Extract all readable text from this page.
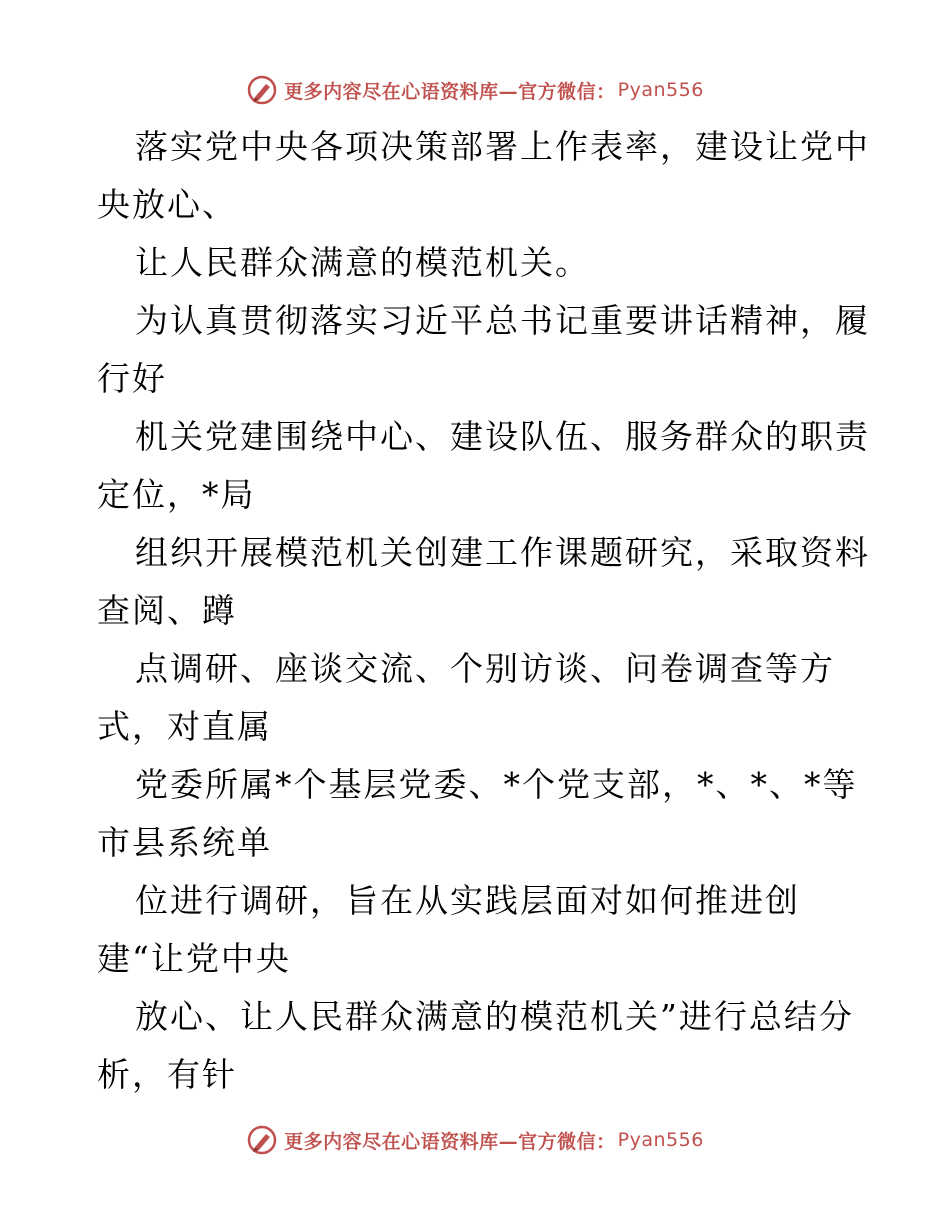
更多内容尽在心语资料库—官方微信： Pyan556
落实党中央各项决策部署上作表率，建设让党中
央放心、
让人民群众满意的模范机关。
为认真贯彻落实习近平总书记重要讲话精神，履
行好
机关党建围绕中心、建设队伍、服务群众的职责
定位，*局
组织开展模范机关创建工作课题研究，采取资料
查阅、蹲
点调研、座谈交流、个别访谈、问卷调查等方
式，对直属
党委所属*个基层党委、*个党支部，*、*、*等
市县系统单
位进行调研，旨在从实践层面对如何推进创
建“让党中央
放心、让人民群众满意的模范机关”进行总结分
析，有针
更多内容尽在心语资料库—官方微信： Pyan556
